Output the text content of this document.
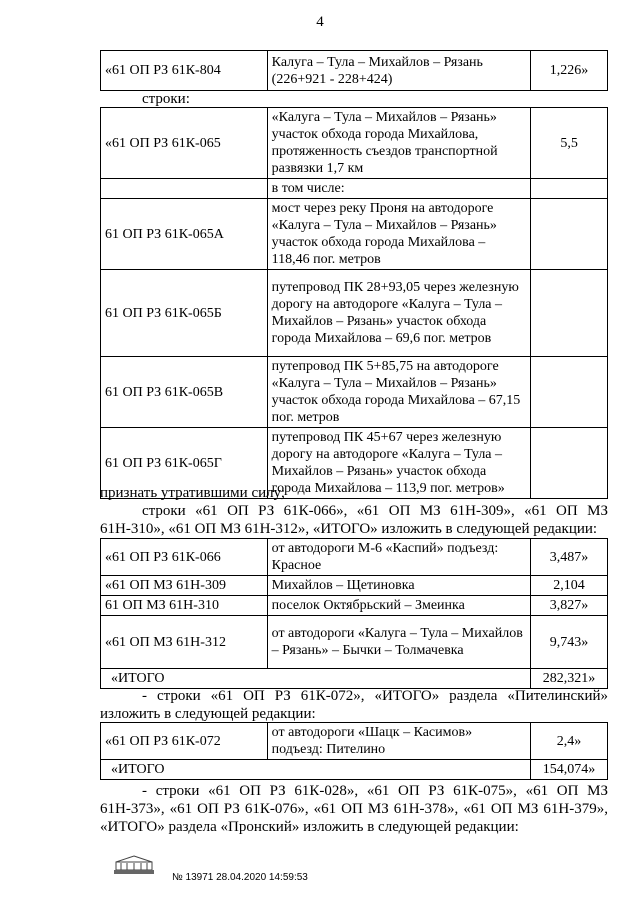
4
«61 ОП РЗ 61К-804	Калуга – Тула – Михайлов – Рязань (226+921 - 228+424)	1,226»
строки:
«61 ОП РЗ 61К-065	«Калуга – Тула – Михайлов – Рязань» участок обхода города Михайлова, протяженность съездов транспортной развязки 1,7 км	5,5
	в том числе:	
61 ОП РЗ 61К-065А	мост через реку Проня на автодороге «Калуга – Тула – Михайлов – Рязань» участок обхода города Михайлова – 118,46 пог. метров	
61 ОП РЗ 61К-065Б	путепровод ПК 28+93,05 через железную дорогу на автодороге «Калуга – Тула – Михайлов – Рязань» участок обхода города Михайлова – 69,6 пог. метров	
61 ОП РЗ 61К-065В	путепровод ПК 5+85,75 на автодороге «Калуга – Тула – Михайлов – Рязань» участок обхода города Михайлова – 67,15 пог. метров	
61 ОП РЗ 61К-065Г	путепровод ПК 45+67 через железную дорогу на автодороге «Калуга – Тула – Михайлов – Рязань» участок обхода города Михайлова – 113,9 пог. метров»	

признать утратившими силу;

строки «61 ОП РЗ 61К-066», «61 ОП МЗ 61Н-309», «61 ОП МЗ 61Н-310», «61 ОП МЗ 61Н-312», «ИТОГО» изложить в следующей редакции:

«61 ОП РЗ 61К-066	от автодороги М-6 «Каспий» подъезд: Красное	3,487»
«61 ОП МЗ 61Н-309	Михайлов – Щетиновка	2,104
61 ОП МЗ 61Н-310	поселок Октябрьский – Змеинка	3,827»
«61 ОП МЗ 61Н-312	от автодороги «Калуга – Тула – Михайлов – Рязань» – Бычки – Толмачевка	9,743»
«ИТОГО		282,321»

- строки «61 ОП РЗ 61К-072», «ИТОГО» раздела «Пителинский» изложить в следующей редакции:

«61 ОП РЗ 61К-072	от автодороги «Шацк – Касимов» подъезд: Пителино	2,4»
«ИТОГО		154,074»

- строки «61 ОП РЗ 61К-028», «61 ОП РЗ 61К-075», «61 ОП МЗ 61Н-373», «61 ОП РЗ 61К-076», «61 ОП МЗ 61Н-378», «61 ОП МЗ 61Н-379», «ИТОГО» раздела «Пронский» изложить в следующей редакции:

№ 13971 28.04.2020 14:59:53
